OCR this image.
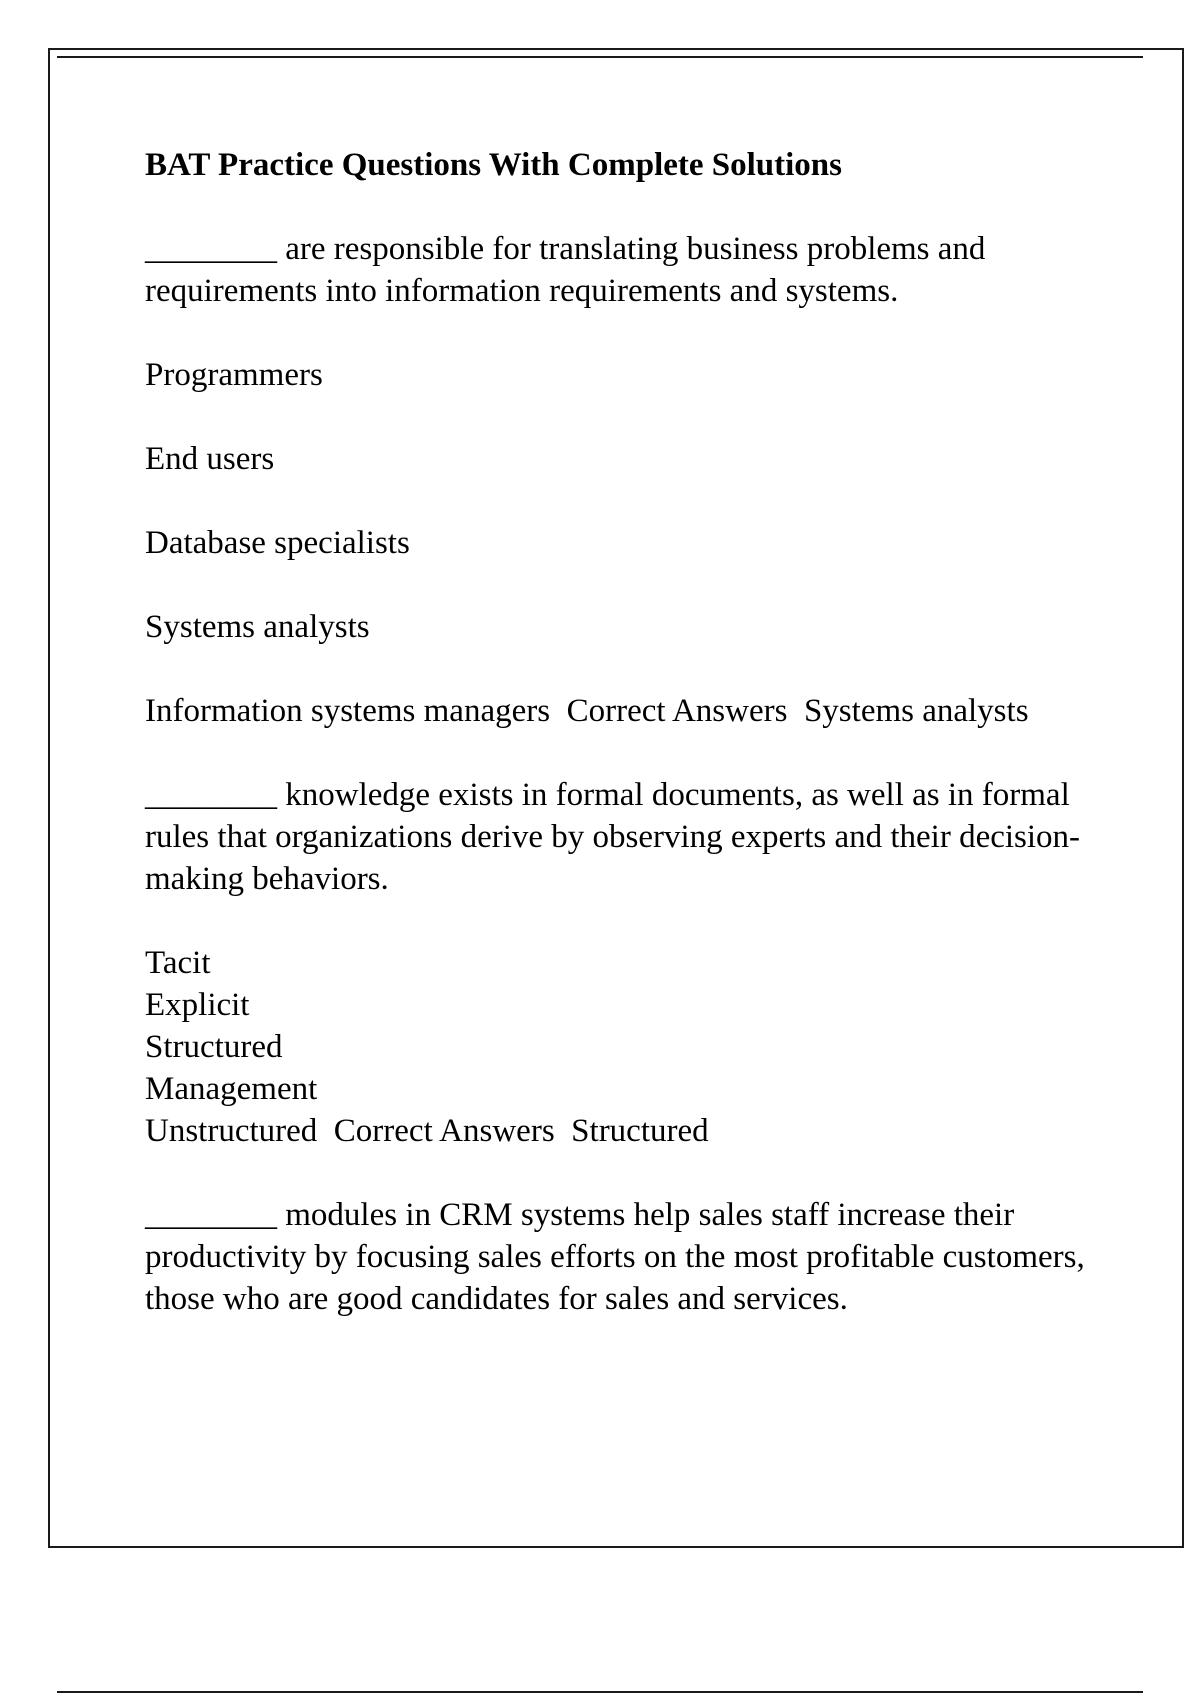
BAT Practice Questions With Complete Solutions
________ are responsible for translating business problems and requirements into information requirements and systems.
Programmers
End users
Database specialists
Systems analysts
Information systems managers Correct Answers Systems analysts
________ knowledge exists in formal documents, as well as in formal rules that organizations derive by observing experts and their decision-making behaviors.
Tacit
Explicit
Structured
Management
Unstructured Correct Answers Structured
________ modules in CRM systems help sales staff increase their productivity by focusing sales efforts on the most profitable customers, those who are good candidates for sales and services.
